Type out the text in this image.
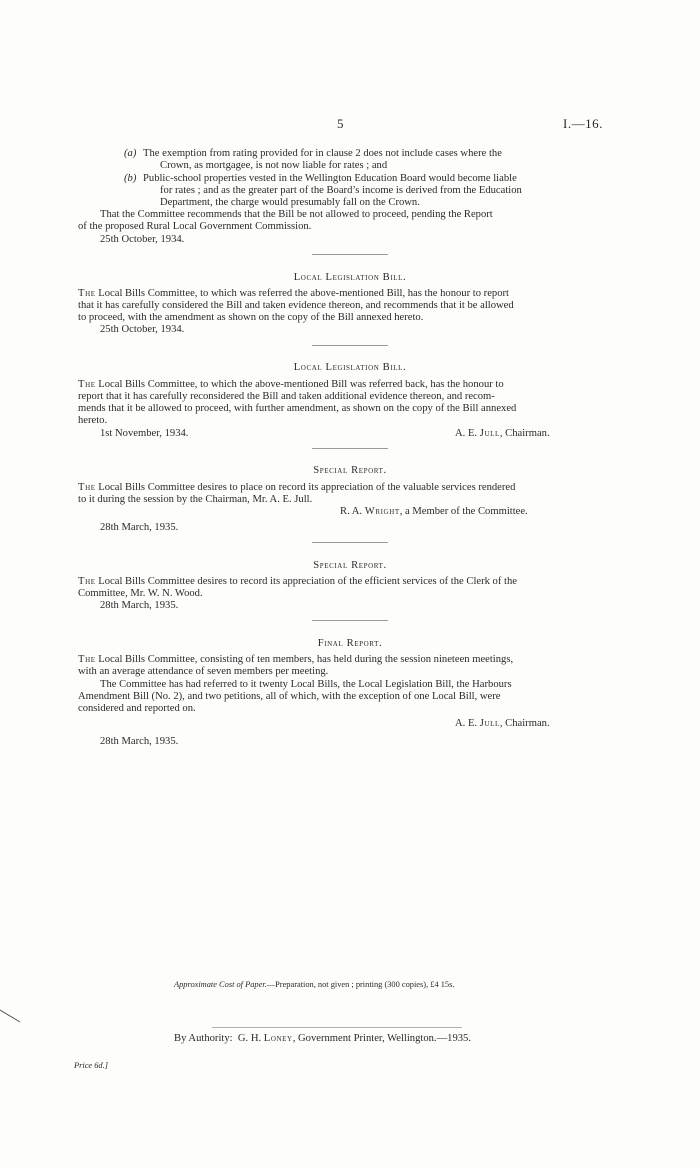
5	I.—16.
(a) The exemption from rating provided for in clause 2 does not include cases where the
Crown, as mortgagee, is not now liable for rates ; and
(b) Public-school properties vested in the Wellington Education Board would become liable
for rates ; and as the greater part of the Board’s income is derived from the Education
Department, the charge would presumably fall on the Crown.
That the Committee recommends that the Bill be not allowed to proceed, pending the Report
of the proposed Rural Local Government Commission.
25th October, 1934.
Local Legislation Bill.
The Local Bills Committee, to which was referred the above-mentioned Bill, has the honour to report
that it has carefully considered the Bill and taken evidence thereon, and recommends that it be allowed
to proceed, with the amendment as shown on the copy of the Bill annexed hereto.
25th October, 1934.
Local Legislation Bill.
The Local Bills Committee, to which the above-mentioned Bill was referred back, has the honour to
report that it has carefully reconsidered the Bill and taken additional evidence thereon, and recom-
mends that it be allowed to proceed, with further amendment, as shown on the copy of the Bill annexed
hereto.
1st November, 1934.	A. E. Jull, Chairman.
Special Report.
The Local Bills Committee desires to place on record its appreciation of the valuable services rendered
to it during the session by the Chairman, Mr. A. E. Jull.
R. A. Wright, a Member of the Committee.
28th March, 1935.
Special Report.
The Local Bills Committee desires to record its appreciation of the efficient services of the Clerk of the
Committee, Mr. W. N. Wood.
28th March, 1935.
Final Report.
The Local Bills Committee, consisting of ten members, has held during the session nineteen meetings,
with an average attendance of seven members per meeting.
The Committee has had referred to it twenty Local Bills, the Local Legislation Bill, the Harbours
Amendment Bill (No. 2), and two petitions, all of which, with the exception of one Local Bill, were
considered and reported on.
A. E. Jull, Chairman.
28th March, 1935.
Approximate Cost of Paper.—Preparation, not given ; printing (300 copies), £4 15s.
By Authority: G. H. Loney, Government Printer, Wellington.—1935.
Price 6d.]
